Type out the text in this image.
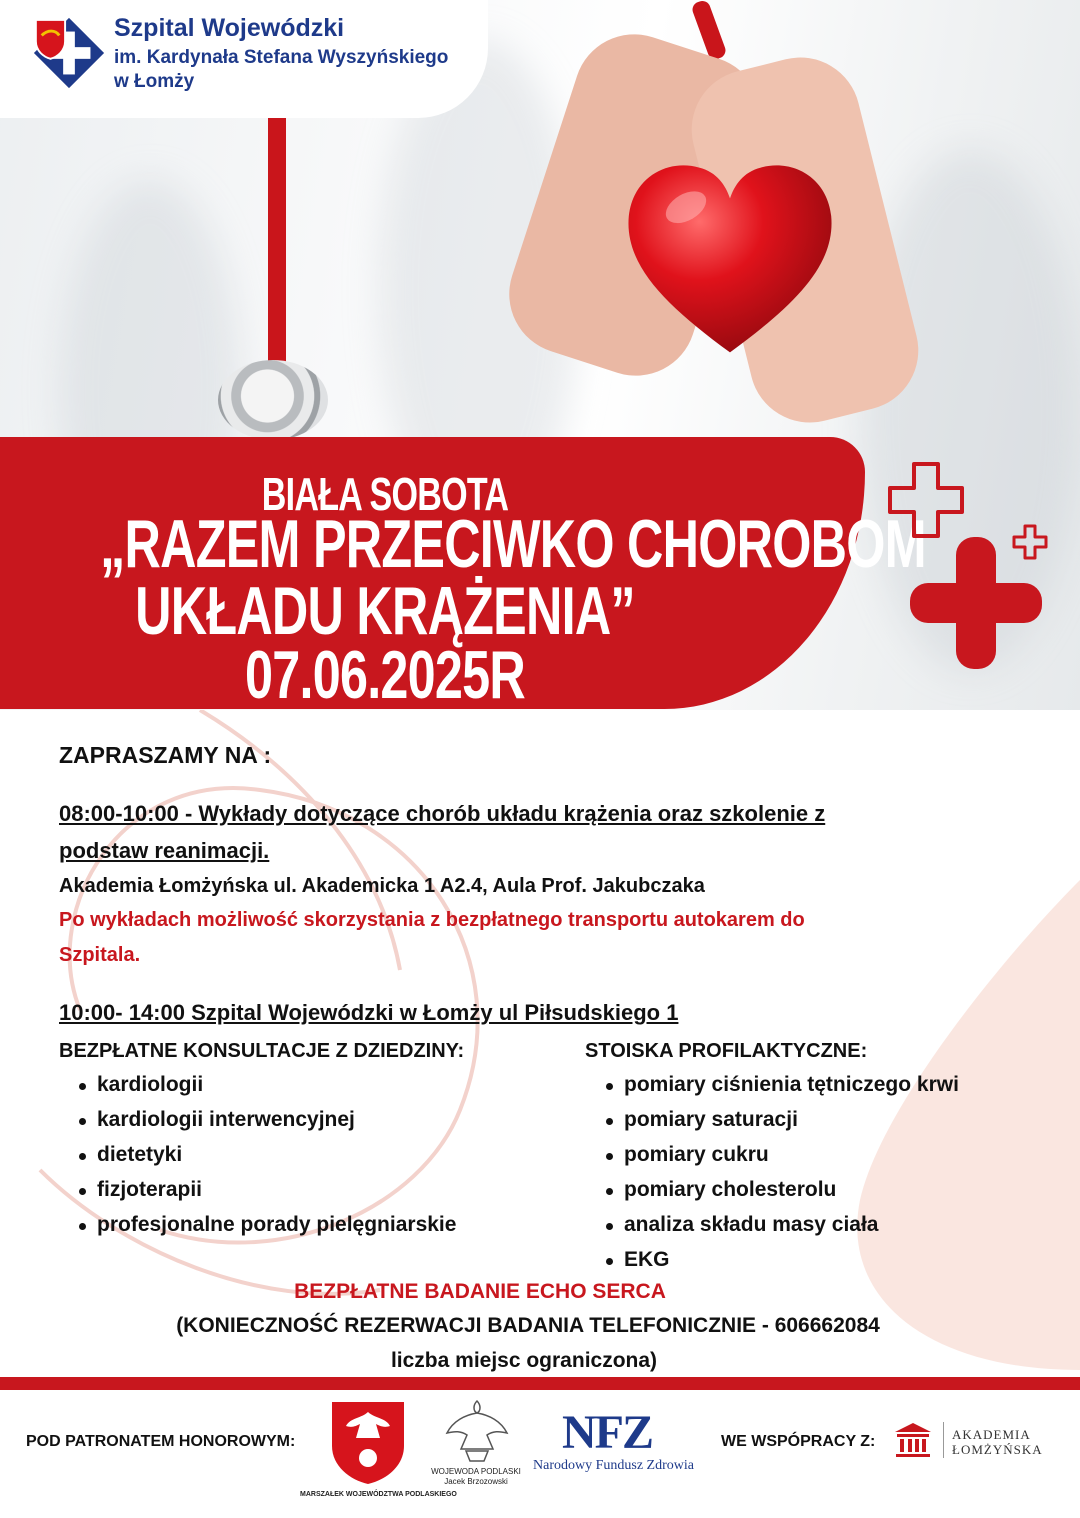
Szpital Wojewódzki
im. Kardynała Stefana Wyszyńskiego
w Łomży
BIAŁA SOBOTA
„RAZEM PRZECIWKO CHOROBOM
UKŁADU KRĄŻENIA”
07.06.2025R
ZAPRASZAMY NA :
08:00-10:00 - Wykłady dotyczące chorób układu krążenia oraz szkolenie z
podstaw reanimacji.
Akademia Łomżyńska ul. Akademicka 1 A2.4, Aula Prof. Jakubczaka
Po wykładach możliwość skorzystania z bezpłatnego transportu autokarem do
Szpitala.
10:00- 14:00 Szpital Wojewódzki w Łomży ul Piłsudskiego 1
BEZPŁATNE KONSULTACJE Z DZIEDZINY:
kardiologii
kardiologii interwencyjnej
dietetyki
fizjoterapii
profesjonalne porady pielęgniarskie
STOISKA PROFILAKTYCZNE:
pomiary ciśnienia tętniczego krwi
pomiary saturacji
pomiary cukru
pomiary cholesterolu
analiza składu masy ciała
EKG
BEZPŁATNE BADANIE ECHO SERCA
(KONIECZNOŚĆ REZERWACJI BADANIA TELEFONICZNIE - 606662084
liczba miejsc ograniczona)
POD PATRONATEM HONOROWYM:
MARSZAŁEK WOJEWÓDZTWA PODLASKIEGO
WOJEWODA PODLASKI
Jacek Brzozowski
NFZ
Narodowy Fundusz Zdrowia
WE WSPÓPRACY Z:	AKADEMIA
ŁOMŻYŃSKA
